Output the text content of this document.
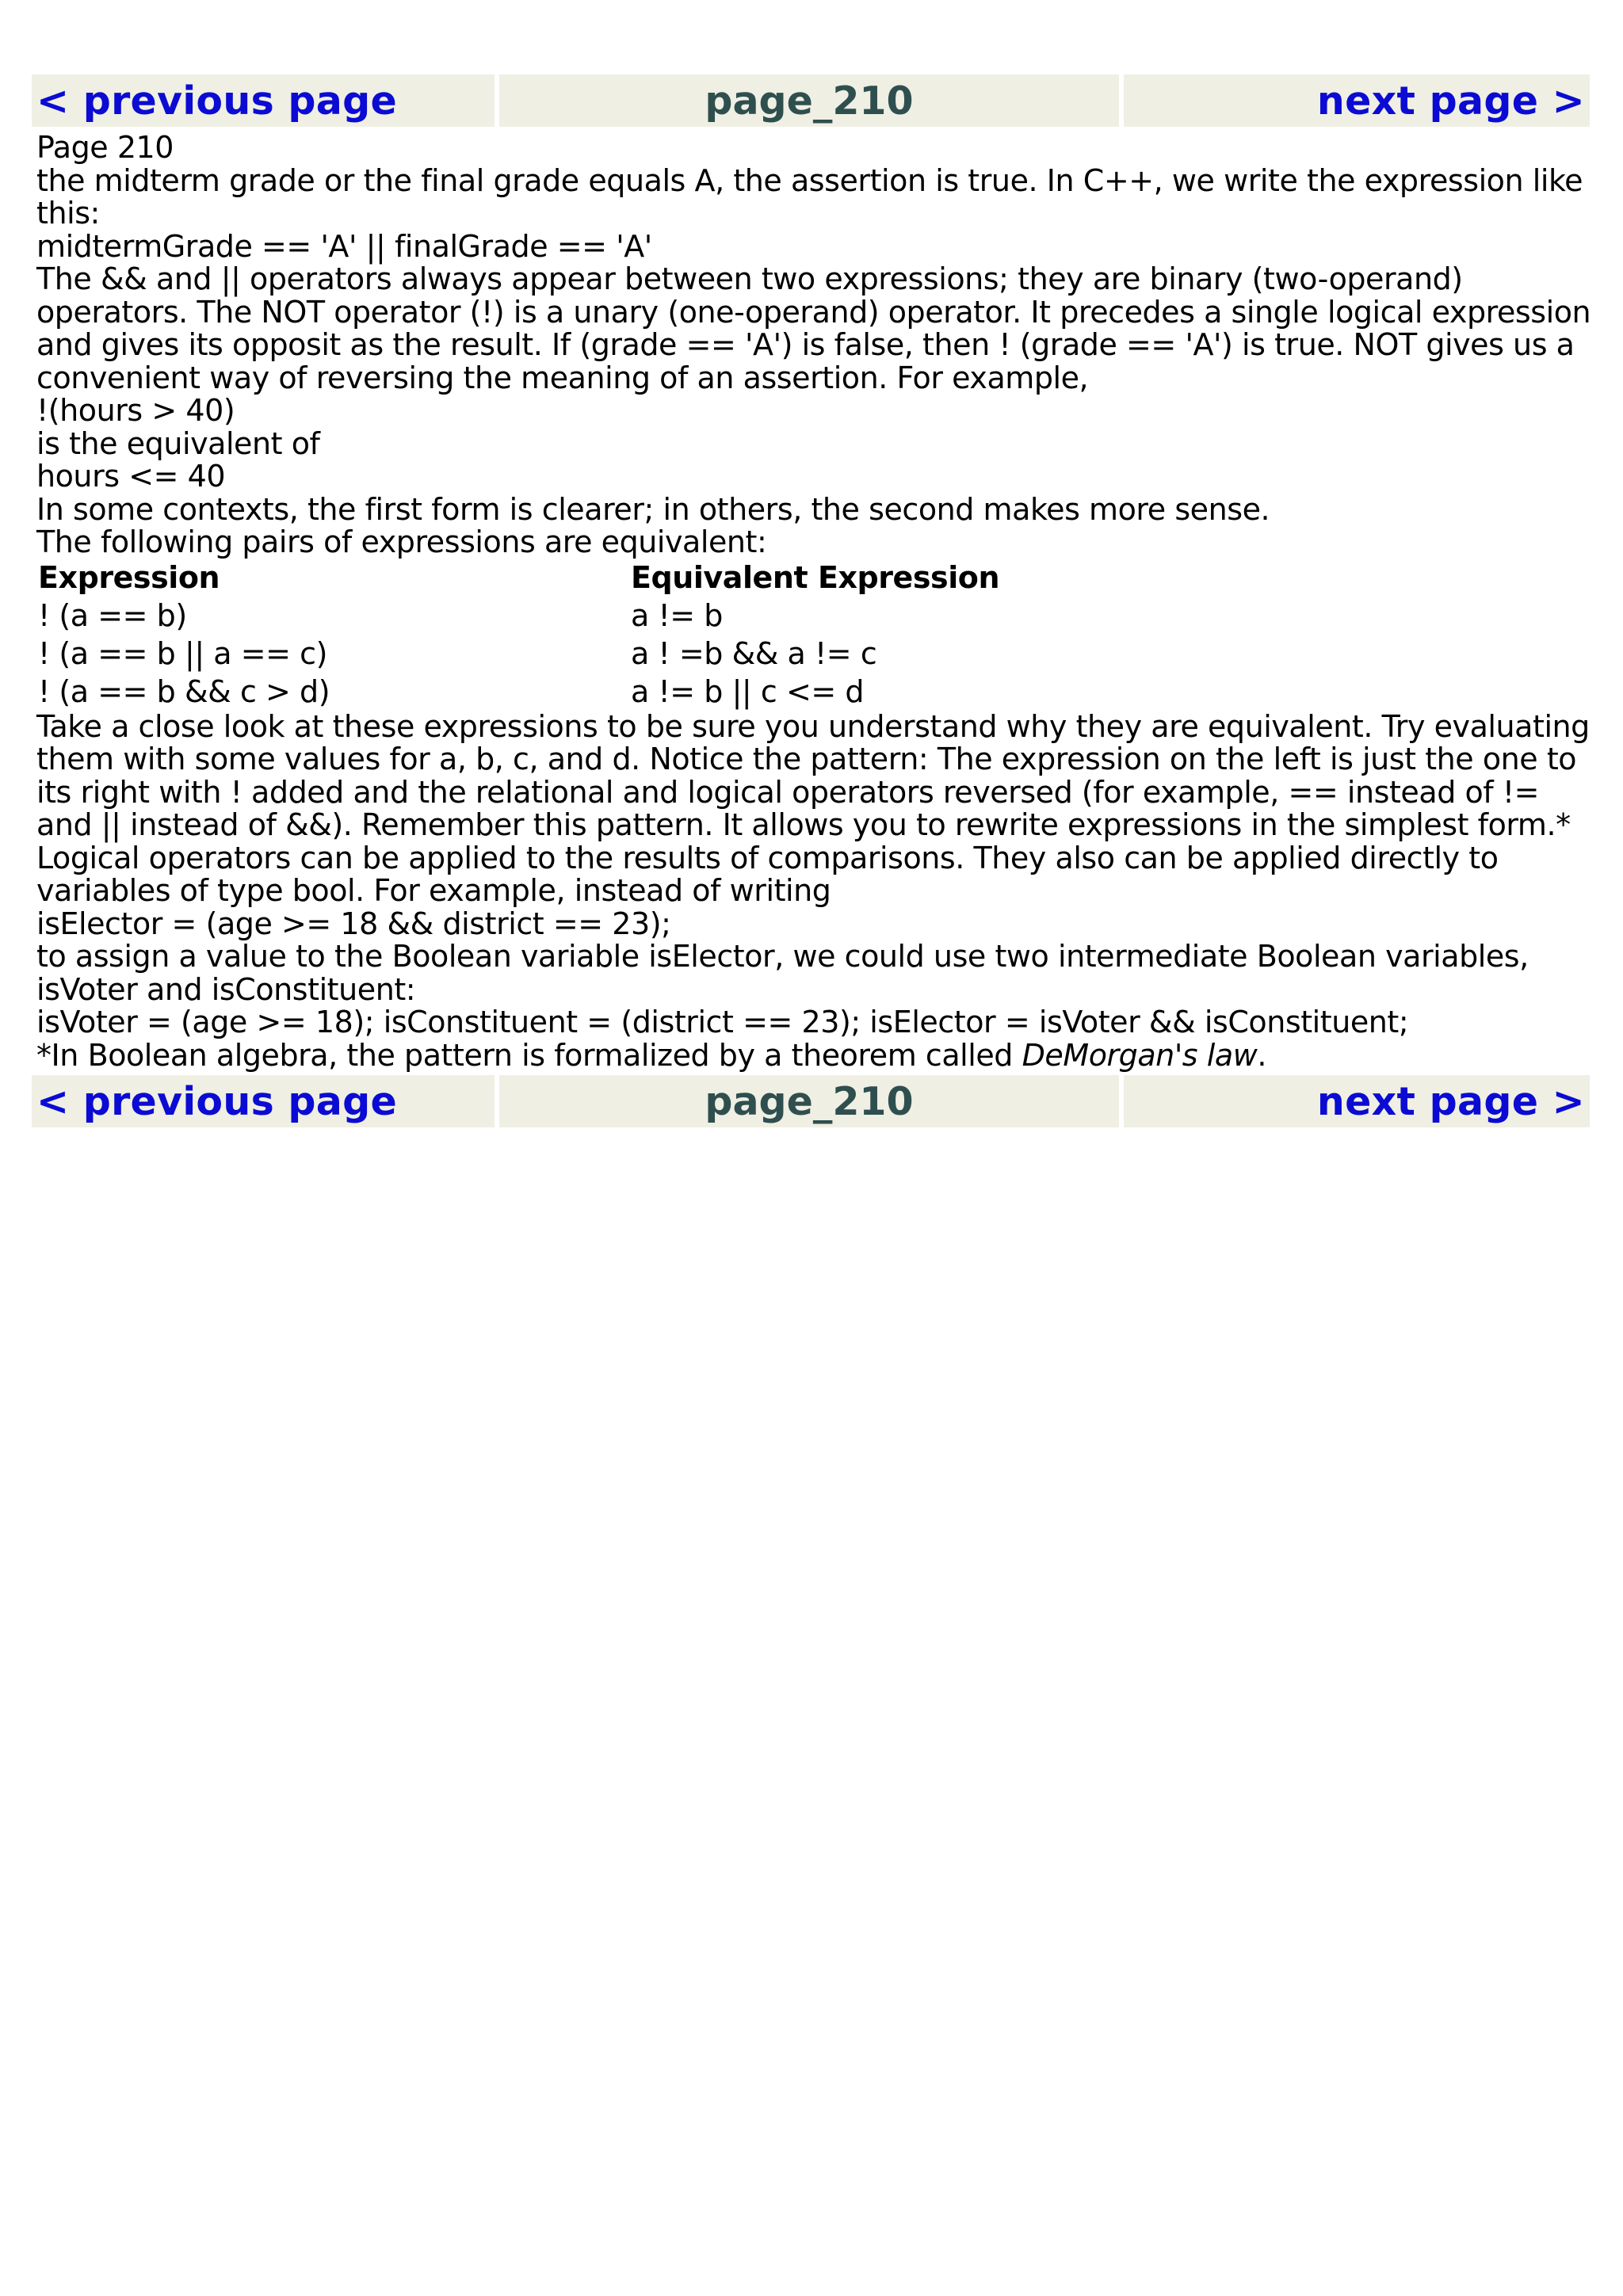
< previous page	page_210	next page >

Page 210

the midterm grade or the final grade equals A, the assertion is true. In C++, we write the expression like this:

midtermGrade == 'A' || finalGrade == 'A'

The && and || operators always appear between two expressions; they are binary (two-operand) operators. The NOT operator (!) is a unary (one-operand) operator. It precedes a single logical expression and gives its opposit as the result. If (grade == 'A') is false, then ! (grade == 'A') is true. NOT gives us a convenient way of reversing the meaning of an assertion. For example,

!(hours > 40)

is the equivalent of

hours <= 40

In some contexts, the first form is clearer; in others, the second makes more sense.

The following pairs of expressions are equivalent:

Expression	Equivalent Expression
! (a == b)	a != b
! (a == b || a == c)	a ! =b && a != c
! (a == b && c > d)	a != b || c <= d

Take a close look at these expressions to be sure you understand why they are equivalent. Try evaluating them with some values for a, b, c, and d. Notice the pattern: The expression on the left is just the one to its right with ! added and the relational and logical operators reversed (for example, == instead of != and || instead of &&). Remember this pattern. It allows you to rewrite expressions in the simplest form.*

Logical operators can be applied to the results of comparisons. They also can be applied directly to variables of type bool. For example, instead of writing

isElector = (age >= 18 && district == 23);

to assign a value to the Boolean variable isElector, we could use two intermediate Boolean variables, isVoter and isConstituent:

isVoter = (age >= 18); isConstituent = (district == 23); isElector = isVoter && isConstituent;

*In Boolean algebra, the pattern is formalized by a theorem called DeMorgan's law.

< previous page	page_210	next page >
